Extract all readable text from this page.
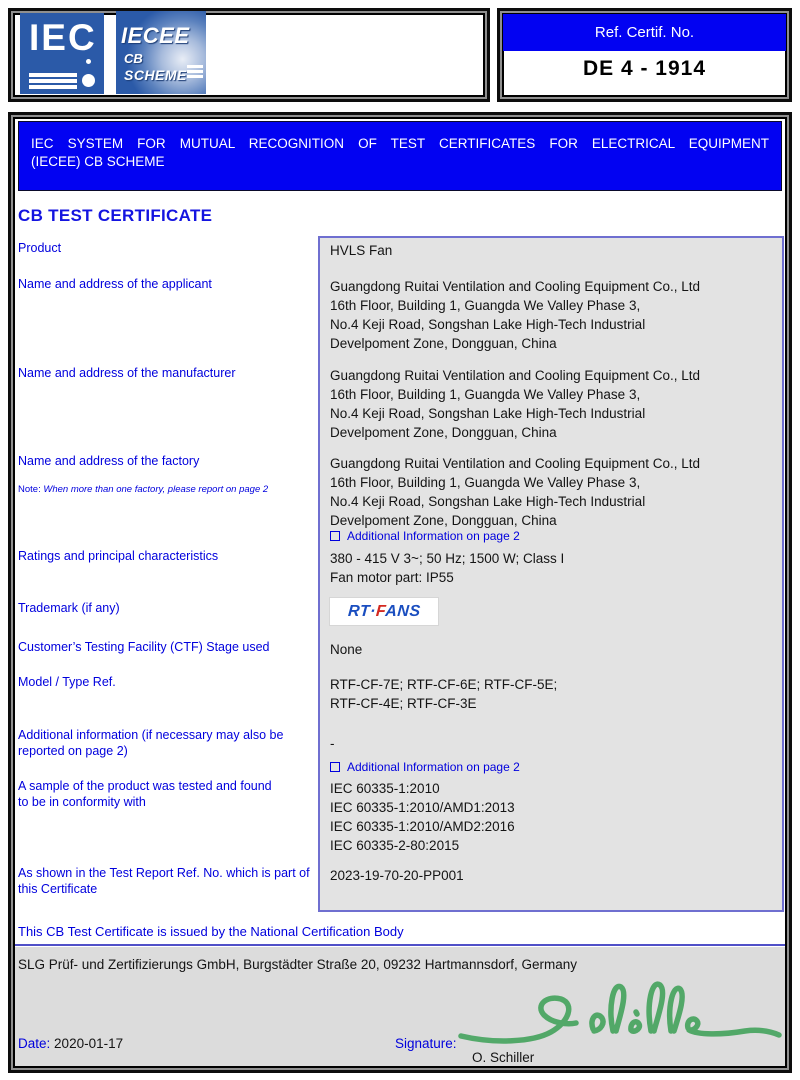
IEC IECEE
CB
SCHEME
Ref. Certif. No.
DE 4 - 1914
IEC SYSTEM FOR MUTUAL RECOGNITION OF TEST CERTIFICATES FOR ELECTRICAL EQUIPMENT
(IECEE) CB SCHEME
CB TEST CERTIFICATE
Product
Name and address of the applicant
Name and address of the manufacturer
Name and address of the factory
Note: When more than one factory, please report on page 2
Ratings and principal characteristics
Trademark (if any)
Customer’s Testing Facility (CTF) Stage used
Model / Type Ref.
Additional information (if necessary may also be
reported on page 2)
A sample of the product was tested and found
to be in conformity with
As shown in the Test Report Ref. No. which is part of
this Certificate
HVLS Fan
Guangdong Ruitai Ventilation and Cooling Equipment Co., Ltd
16th Floor, Building 1, Guangda We Valley Phase 3,
No.4 Keji Road, Songshan Lake High-Tech Industrial
Develpoment Zone, Dongguan, China
Guangdong Ruitai Ventilation and Cooling Equipment Co., Ltd
16th Floor, Building 1, Guangda We Valley Phase 3,
No.4 Keji Road, Songshan Lake High-Tech Industrial
Develpoment Zone, Dongguan, China
Guangdong Ruitai Ventilation and Cooling Equipment Co., Ltd
16th Floor, Building 1, Guangda We Valley Phase 3,
No.4 Keji Road, Songshan Lake High-Tech Industrial
Develpoment Zone, Dongguan, China
Additional Information on page 2
380 - 415 V 3~; 50 Hz; 1500 W; Class I
Fan motor part: IP55
RT·FANS
None
RTF-CF-7E; RTF-CF-6E; RTF-CF-5E;
RTF-CF-4E; RTF-CF-3E
-
Additional Information on page 2
IEC 60335-1:2010
IEC 60335-1:2010/AMD1:2013
IEC 60335-1:2010/AMD2:2016
IEC 60335-2-80:2015
2023-19-70-20-PP001
This CB Test Certificate is issued by the National Certification Body
SLG Prüf- und Zertifizierungs GmbH, Burgstädter Straße 20, 09232 Hartmannsdorf, Germany
Date: 2020-01-17	Signature:
O. Schiller
